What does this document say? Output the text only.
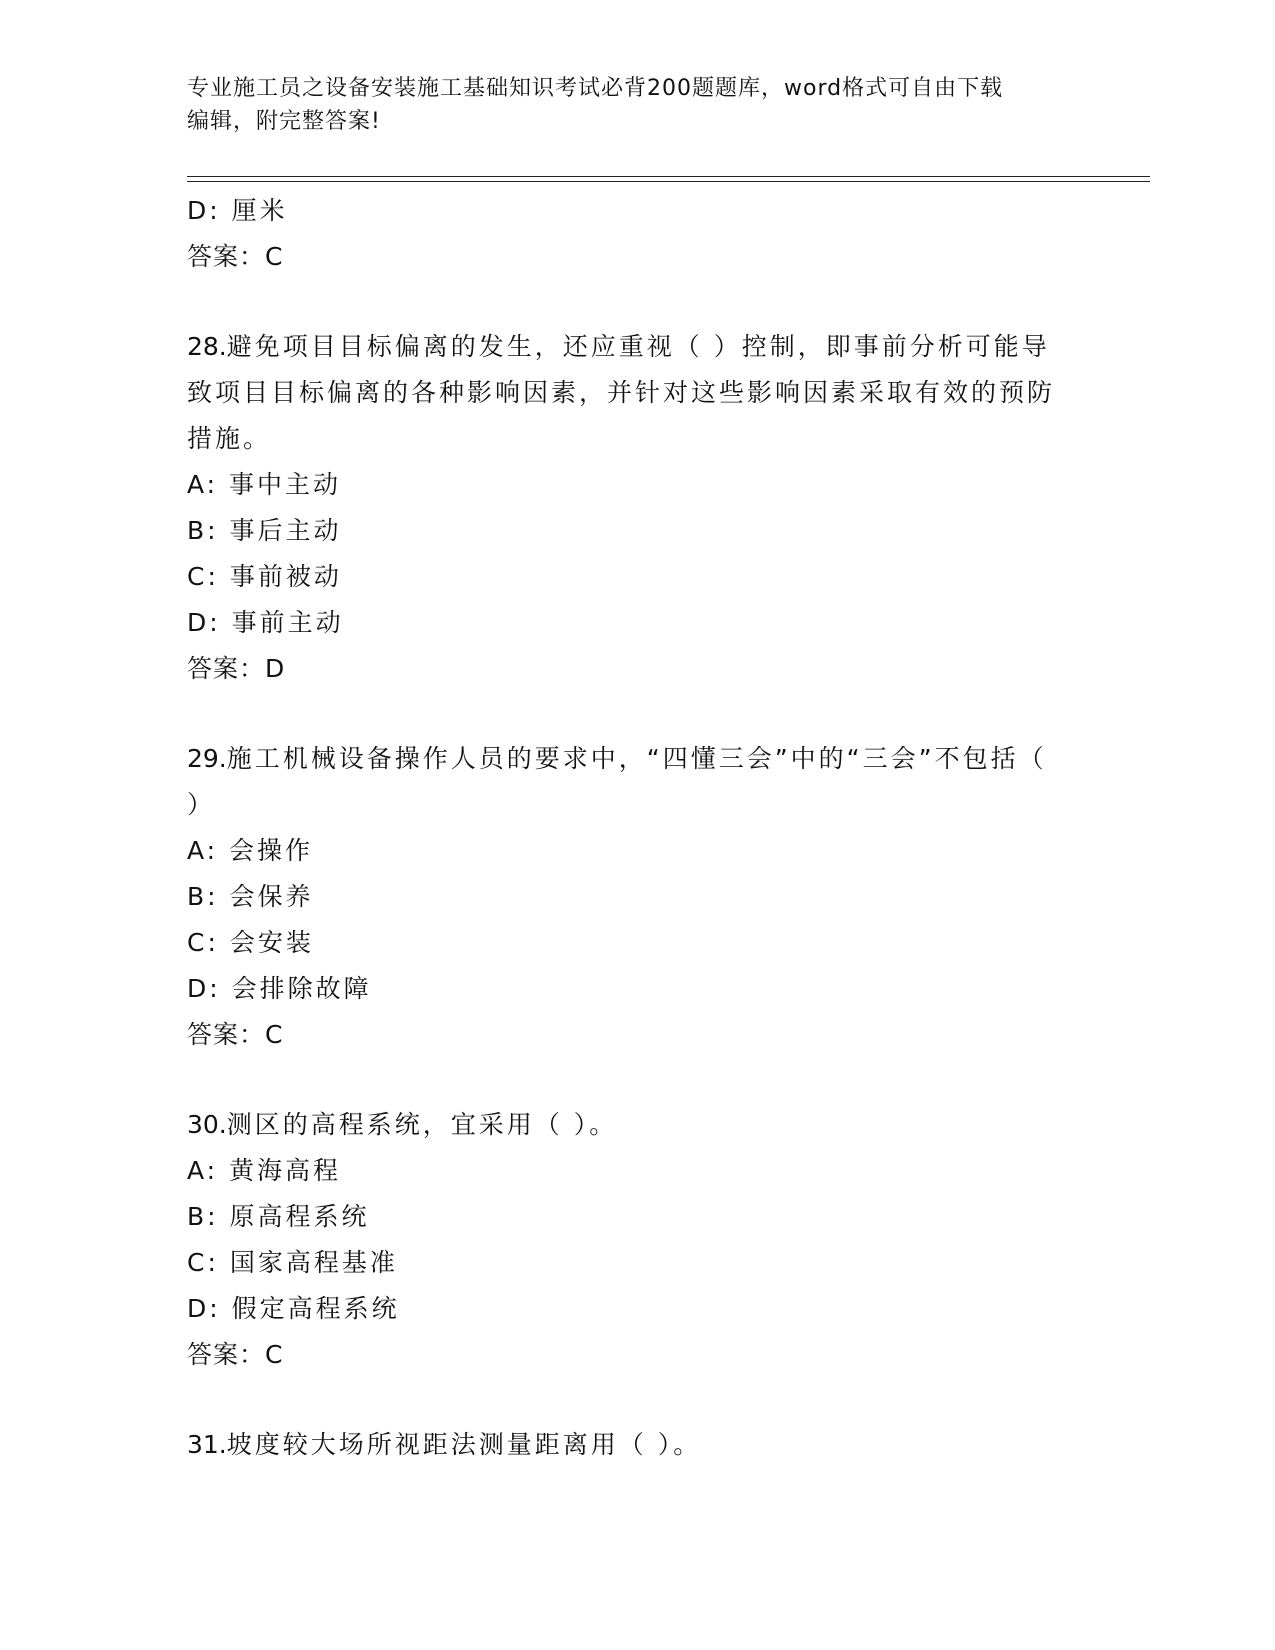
专业施工员之设备安装施工基础知识考试必背200题题库，word格式可自由下载
编辑，附完整答案!
D: 厘米
答案：C
28.避免项目目标偏离的发生，还应重视（ ）控制，即事前分析可能导致项目目标偏离的各种影响因素，并针对这些影响因素采取有效的预防措施。
A: 事中主动
B: 事后主动
C: 事前被动
D: 事前主动
答案：D
29.施工机械设备操作人员的要求中，“四懂三会”中的“三会”不包括（ ）
A: 会操作
B: 会保养
C: 会安装
D: 会排除故障
答案：C
30.测区的高程系统，宜采用（ ）。
A: 黄海高程
B: 原高程系统
C: 国家高程基准
D: 假定高程系统
答案：C
31.坡度较大场所视距法测量距离用（ ）。
